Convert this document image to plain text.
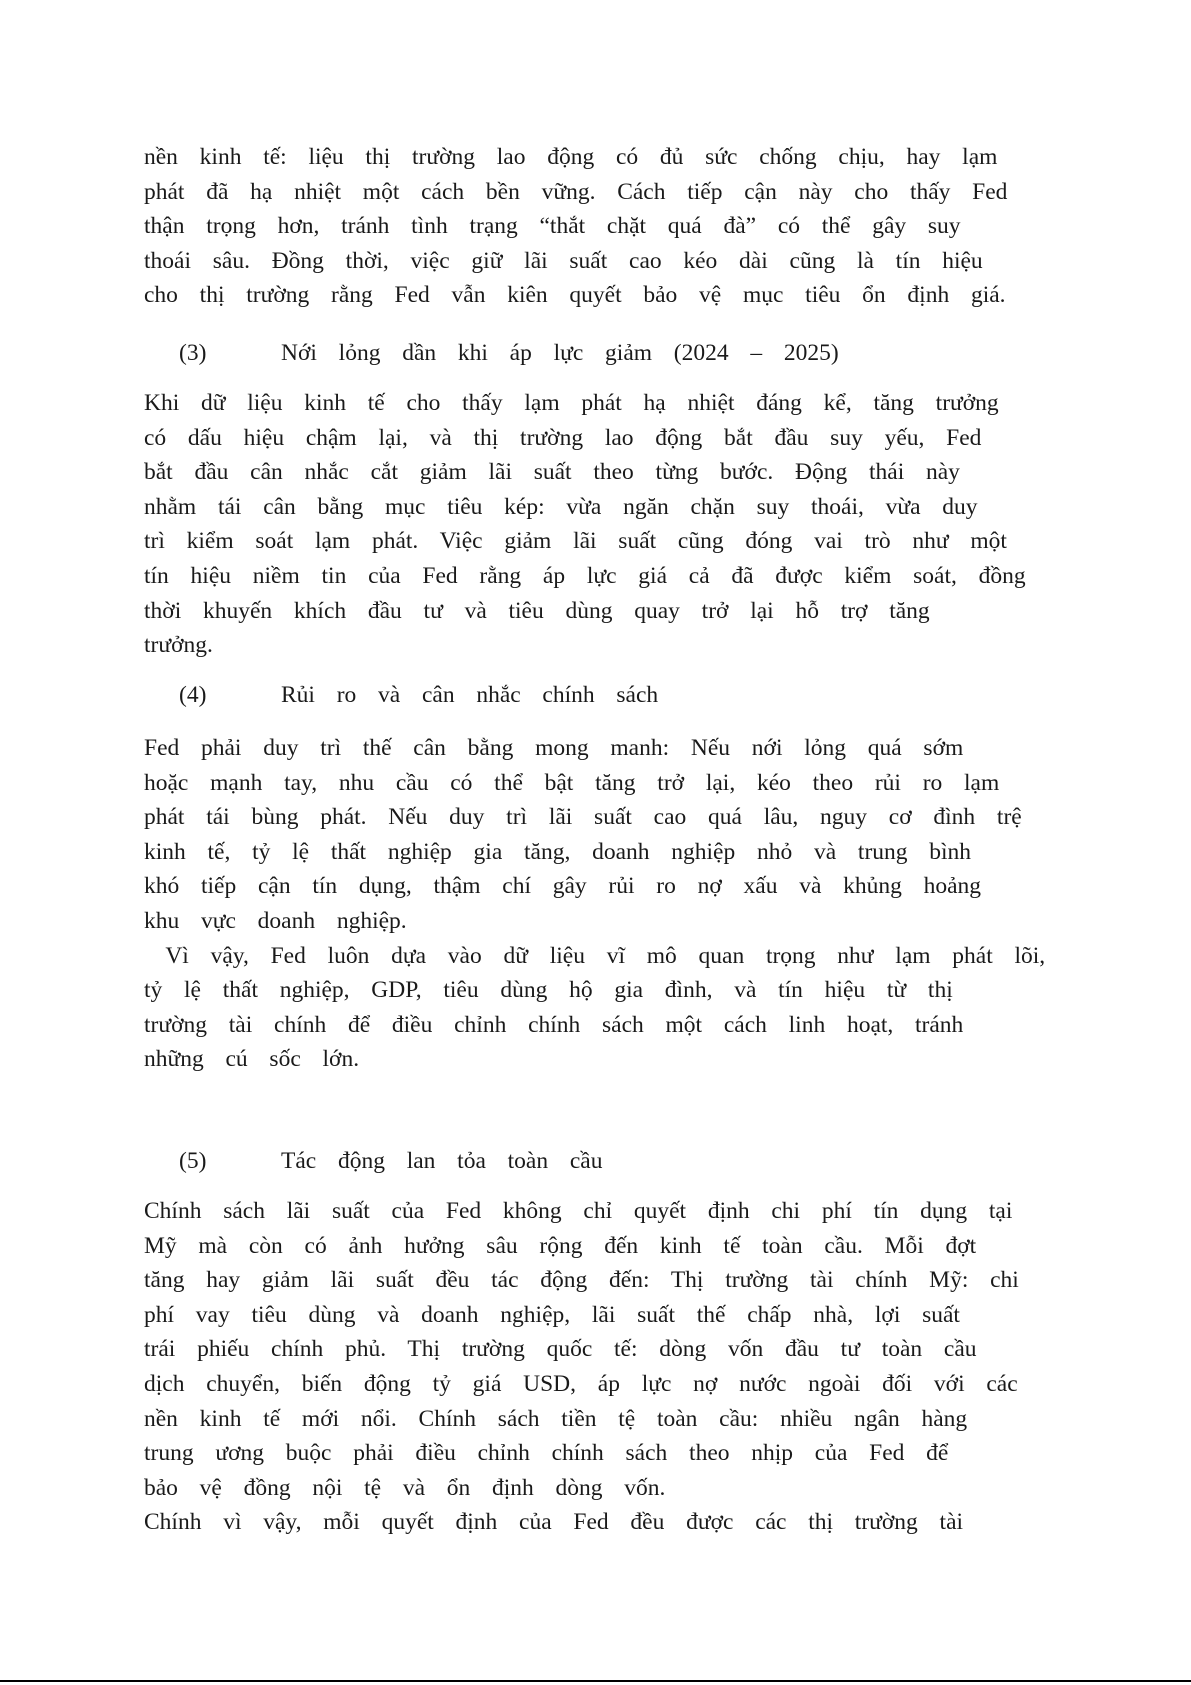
nền  kinh  tế:  liệu  thị  trường  lao  động  có  đủ  sức  chống  chịu,  hay  lạm
phát  đã  hạ  nhiệt  một  cách  bền  vững.  Cách  tiếp  cận  này  cho  thấy  Fed
thận  trọng  hơn,  tránh  tình  trạng  “thắt  chặt  quá  đà”  có  thể  gây  suy
thoái  sâu.  Đồng  thời,  việc  giữ  lãi  suất  cao  kéo  dài  cũng  là  tín  hiệu
cho  thị  trường  rằng  Fed  vẫn  kiên  quyết  bảo  vệ  mục  tiêu  ổn  định  giá.
(3)	Nới  lỏng  dần  khi  áp  lực  giảm  (2024  –  2025)
Khi  dữ  liệu  kinh  tế  cho  thấy  lạm  phát  hạ  nhiệt  đáng  kể,  tăng  trưởng
có  dấu  hiệu  chậm  lại,  và  thị  trường  lao  động  bắt  đầu  suy  yếu,  Fed
bắt  đầu  cân  nhắc  cắt  giảm  lãi  suất  theo  từng  bước.  Động  thái  này
nhằm  tái  cân  bằng  mục  tiêu  kép:  vừa  ngăn  chặn  suy  thoái,  vừa  duy
trì  kiểm  soát  lạm  phát.  Việc  giảm  lãi  suất  cũng  đóng  vai  trò  như  một
tín  hiệu  niềm  tin  của  Fed  rằng  áp  lực  giá  cả  đã  được  kiểm  soát,  đồng
thời  khuyến  khích  đầu  tư  và  tiêu  dùng  quay  trở  lại  hỗ  trợ  tăng
trưởng.
(4)	Rủi  ro  và  cân  nhắc  chính  sách
Fed  phải  duy  trì  thế  cân  bằng  mong  manh:  Nếu  nới  lỏng  quá  sớm
hoặc  mạnh  tay,  nhu  cầu  có  thể  bật  tăng  trở  lại,  kéo  theo  rủi  ro  lạm
phát  tái  bùng  phát.  Nếu  duy  trì  lãi  suất  cao  quá  lâu,  nguy  cơ  đình  trệ
kinh  tế,  tỷ  lệ  thất  nghiệp  gia  tăng,  doanh  nghiệp  nhỏ  và  trung  bình
khó  tiếp  cận  tín  dụng,  thậm  chí  gây  rủi  ro  nợ  xấu  và  khủng  hoảng
khu  vực  doanh  nghiệp.
Vì  vậy,  Fed  luôn  dựa  vào  dữ  liệu  vĩ  mô  quan  trọng  như  lạm  phát  lõi,
tỷ  lệ  thất  nghiệp,  GDP,  tiêu  dùng  hộ  gia  đình,  và  tín  hiệu  từ  thị
trường  tài  chính  để  điều  chỉnh  chính  sách  một  cách  linh  hoạt,  tránh
những  cú  sốc  lớn.
(5)	Tác  động  lan  tỏa  toàn  cầu
Chính  sách  lãi  suất  của  Fed  không  chỉ  quyết  định  chi  phí  tín  dụng  tại
Mỹ  mà  còn  có  ảnh  hưởng  sâu  rộng  đến  kinh  tế  toàn  cầu.  Mỗi  đợt
tăng  hay  giảm  lãi  suất  đều  tác  động  đến:  Thị  trường  tài  chính  Mỹ:  chi
phí  vay  tiêu  dùng  và  doanh  nghiệp,  lãi  suất  thế  chấp  nhà,  lợi  suất
trái  phiếu  chính  phủ.  Thị  trường  quốc  tế:  dòng  vốn  đầu  tư  toàn  cầu
dịch  chuyển,  biến  động  tỷ  giá  USD,  áp  lực  nợ  nước  ngoài  đối  với  các
nền  kinh  tế  mới  nổi.  Chính  sách  tiền  tệ  toàn  cầu:  nhiều  ngân  hàng
trung  ương  buộc  phải  điều  chỉnh  chính  sách  theo  nhịp  của  Fed  để
bảo  vệ  đồng  nội  tệ  và  ổn  định  dòng  vốn.
Chính  vì  vậy,  mỗi  quyết  định  của  Fed  đều  được  các  thị  trường  tài
